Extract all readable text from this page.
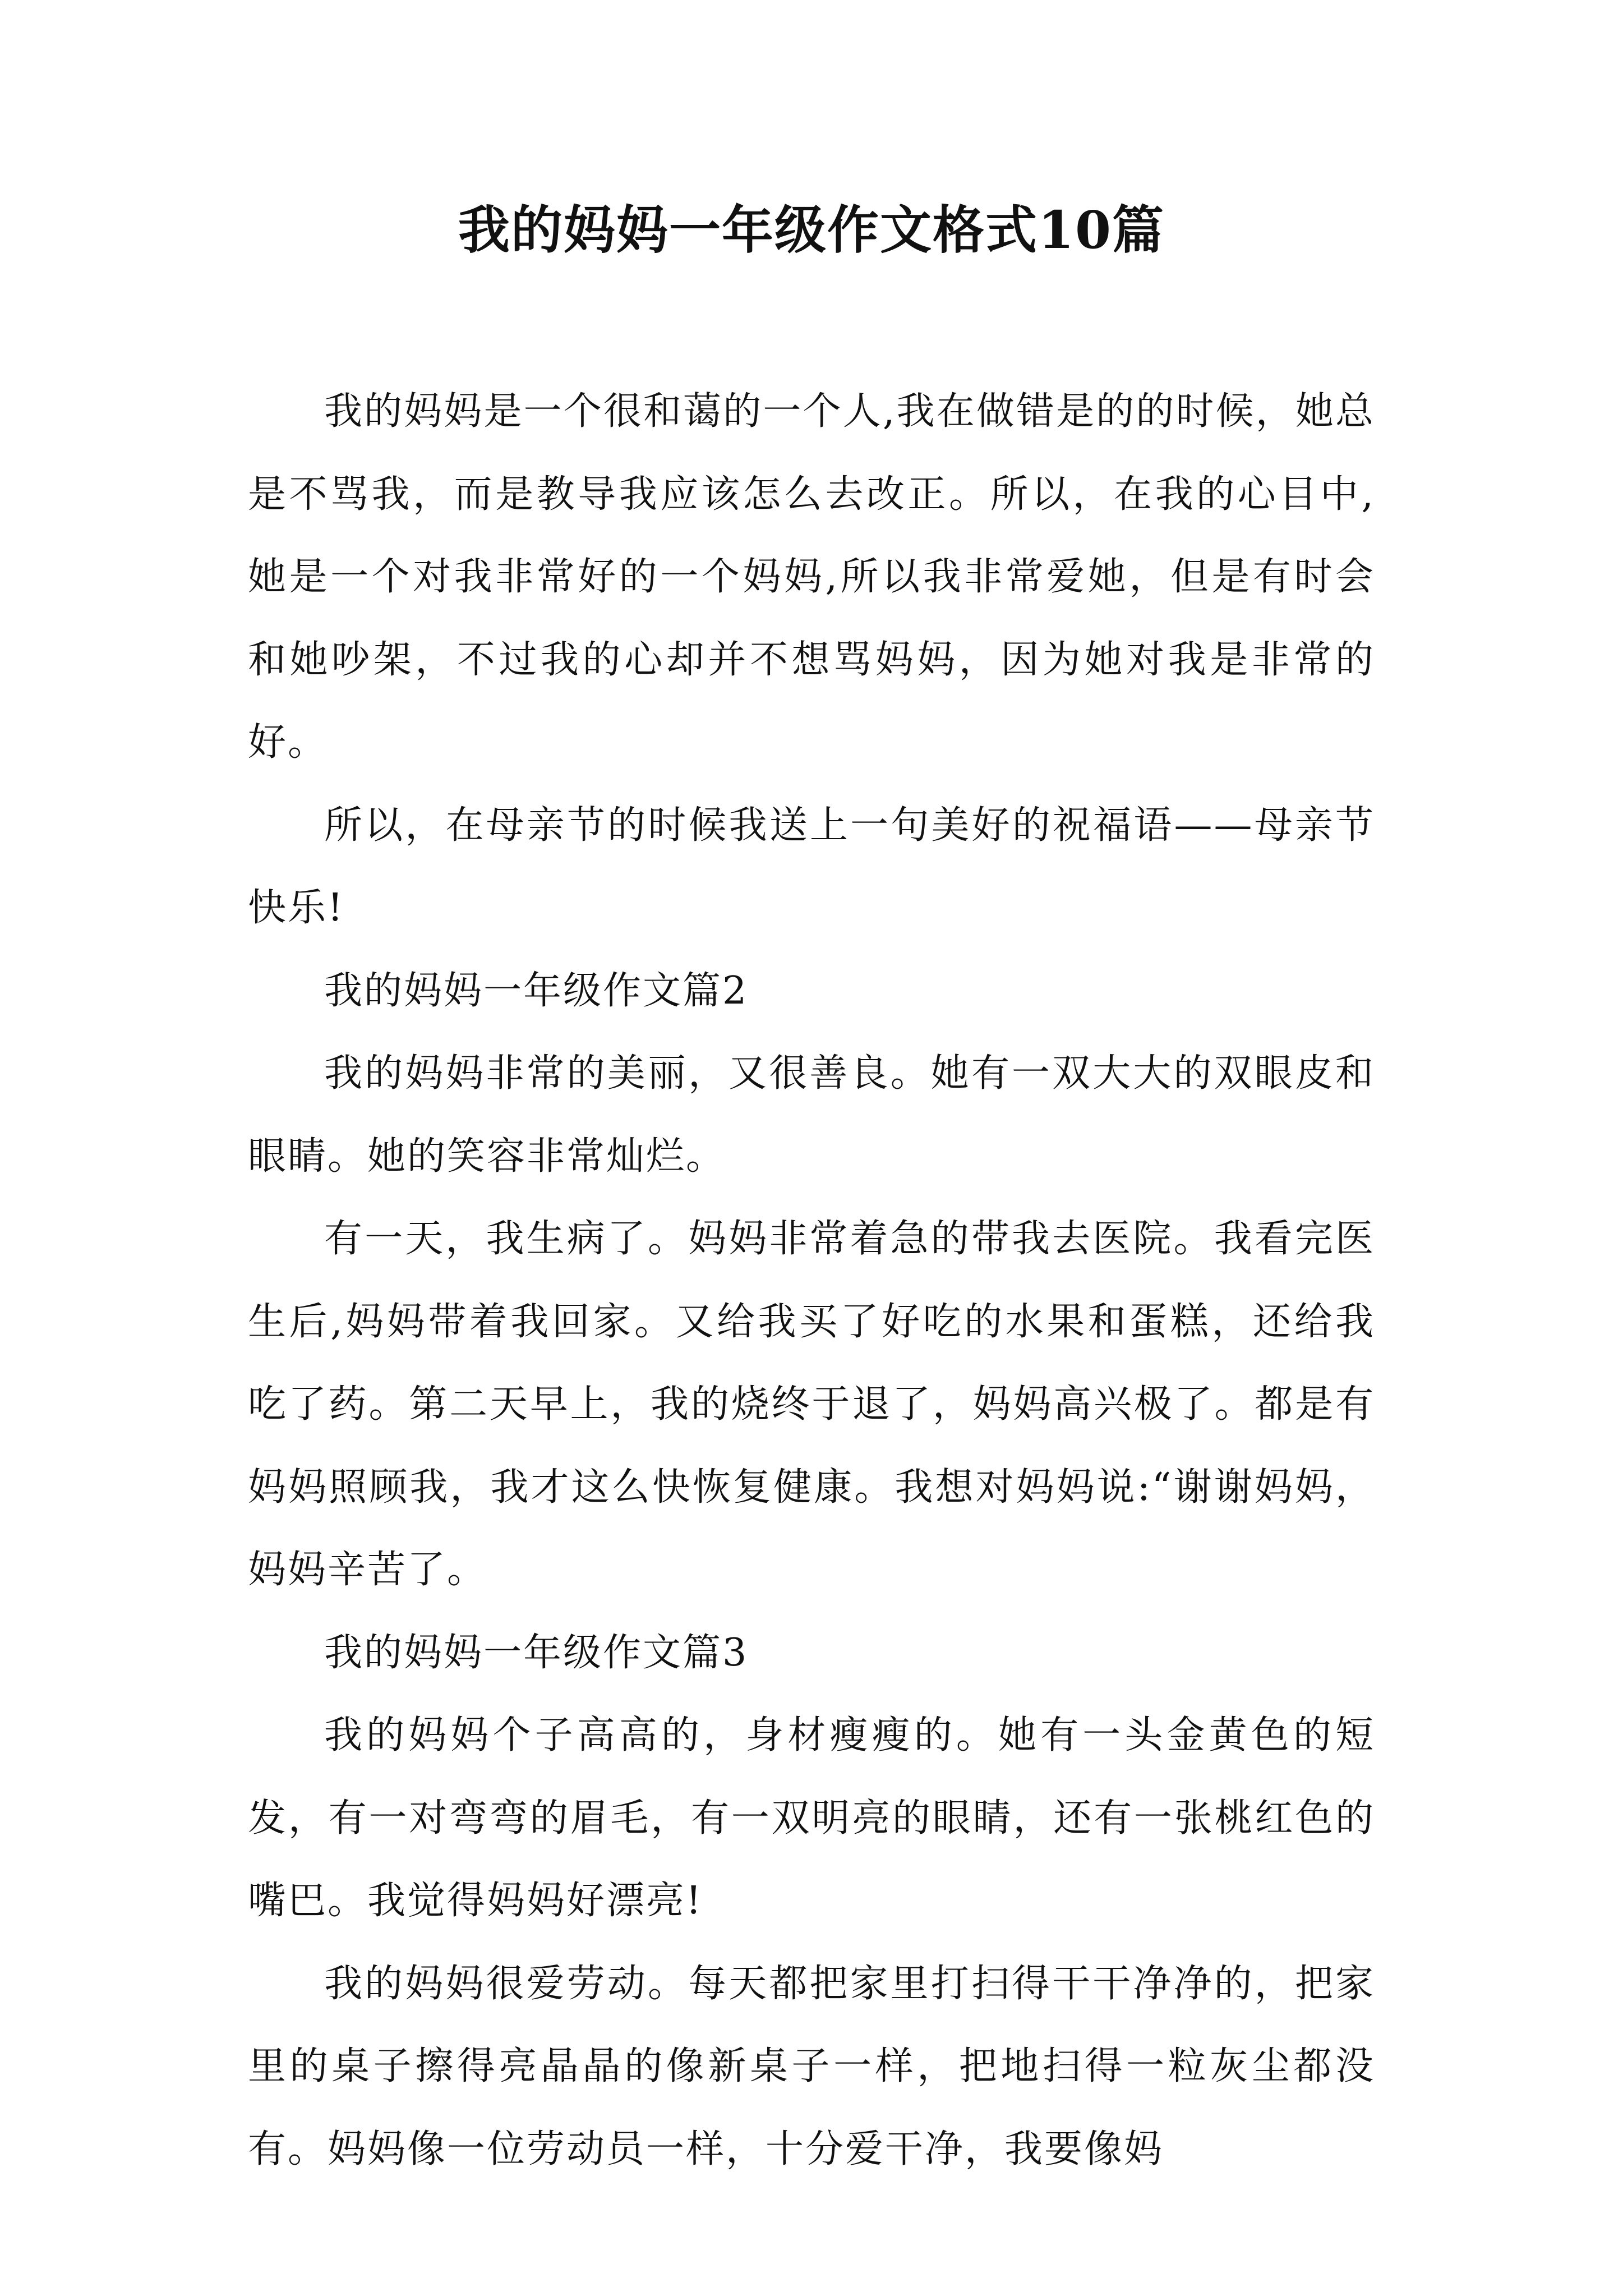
我的妈妈一年级作文格式10篇

我的妈妈是一个很和蔼的一个人,我在做错是的的时候，她总是不骂我，而是教导我应该怎么去改正。所以，在我的心目中,她是一个对我非常好的一个妈妈,所以我非常爱她，但是有时会和她吵架，不过我的心却并不想骂妈妈，因为她对我是非常的好。

所以，在母亲节的时候我送上一句美好的祝福语——母亲节快乐!

我的妈妈一年级作文篇2

我的妈妈非常的美丽，又很善良。她有一双大大的双眼皮和眼睛。她的笑容非常灿烂。

有一天，我生病了。妈妈非常着急的带我去医院。我看完医生后,妈妈带着我回家。又给我买了好吃的水果和蛋糕，还给我吃了药。第二天早上，我的烧终于退了，妈妈高兴极了。都是有妈妈照顾我，我才这么快恢复健康。我想对妈妈说:“谢谢妈妈，妈妈辛苦了。

我的妈妈一年级作文篇3

我的妈妈个子高高的，身材瘦瘦的。她有一头金黄色的短发，有一对弯弯的眉毛，有一双明亮的眼睛，还有一张桃红色的嘴巴。我觉得妈妈好漂亮!

我的妈妈很爱劳动。每天都把家里打扫得干干净净的，把家里的桌子擦得亮晶晶的像新桌子一样，把地扫得一粒灰尘都没有。妈妈像一位劳动员一样，十分爱干净，我要像妈
